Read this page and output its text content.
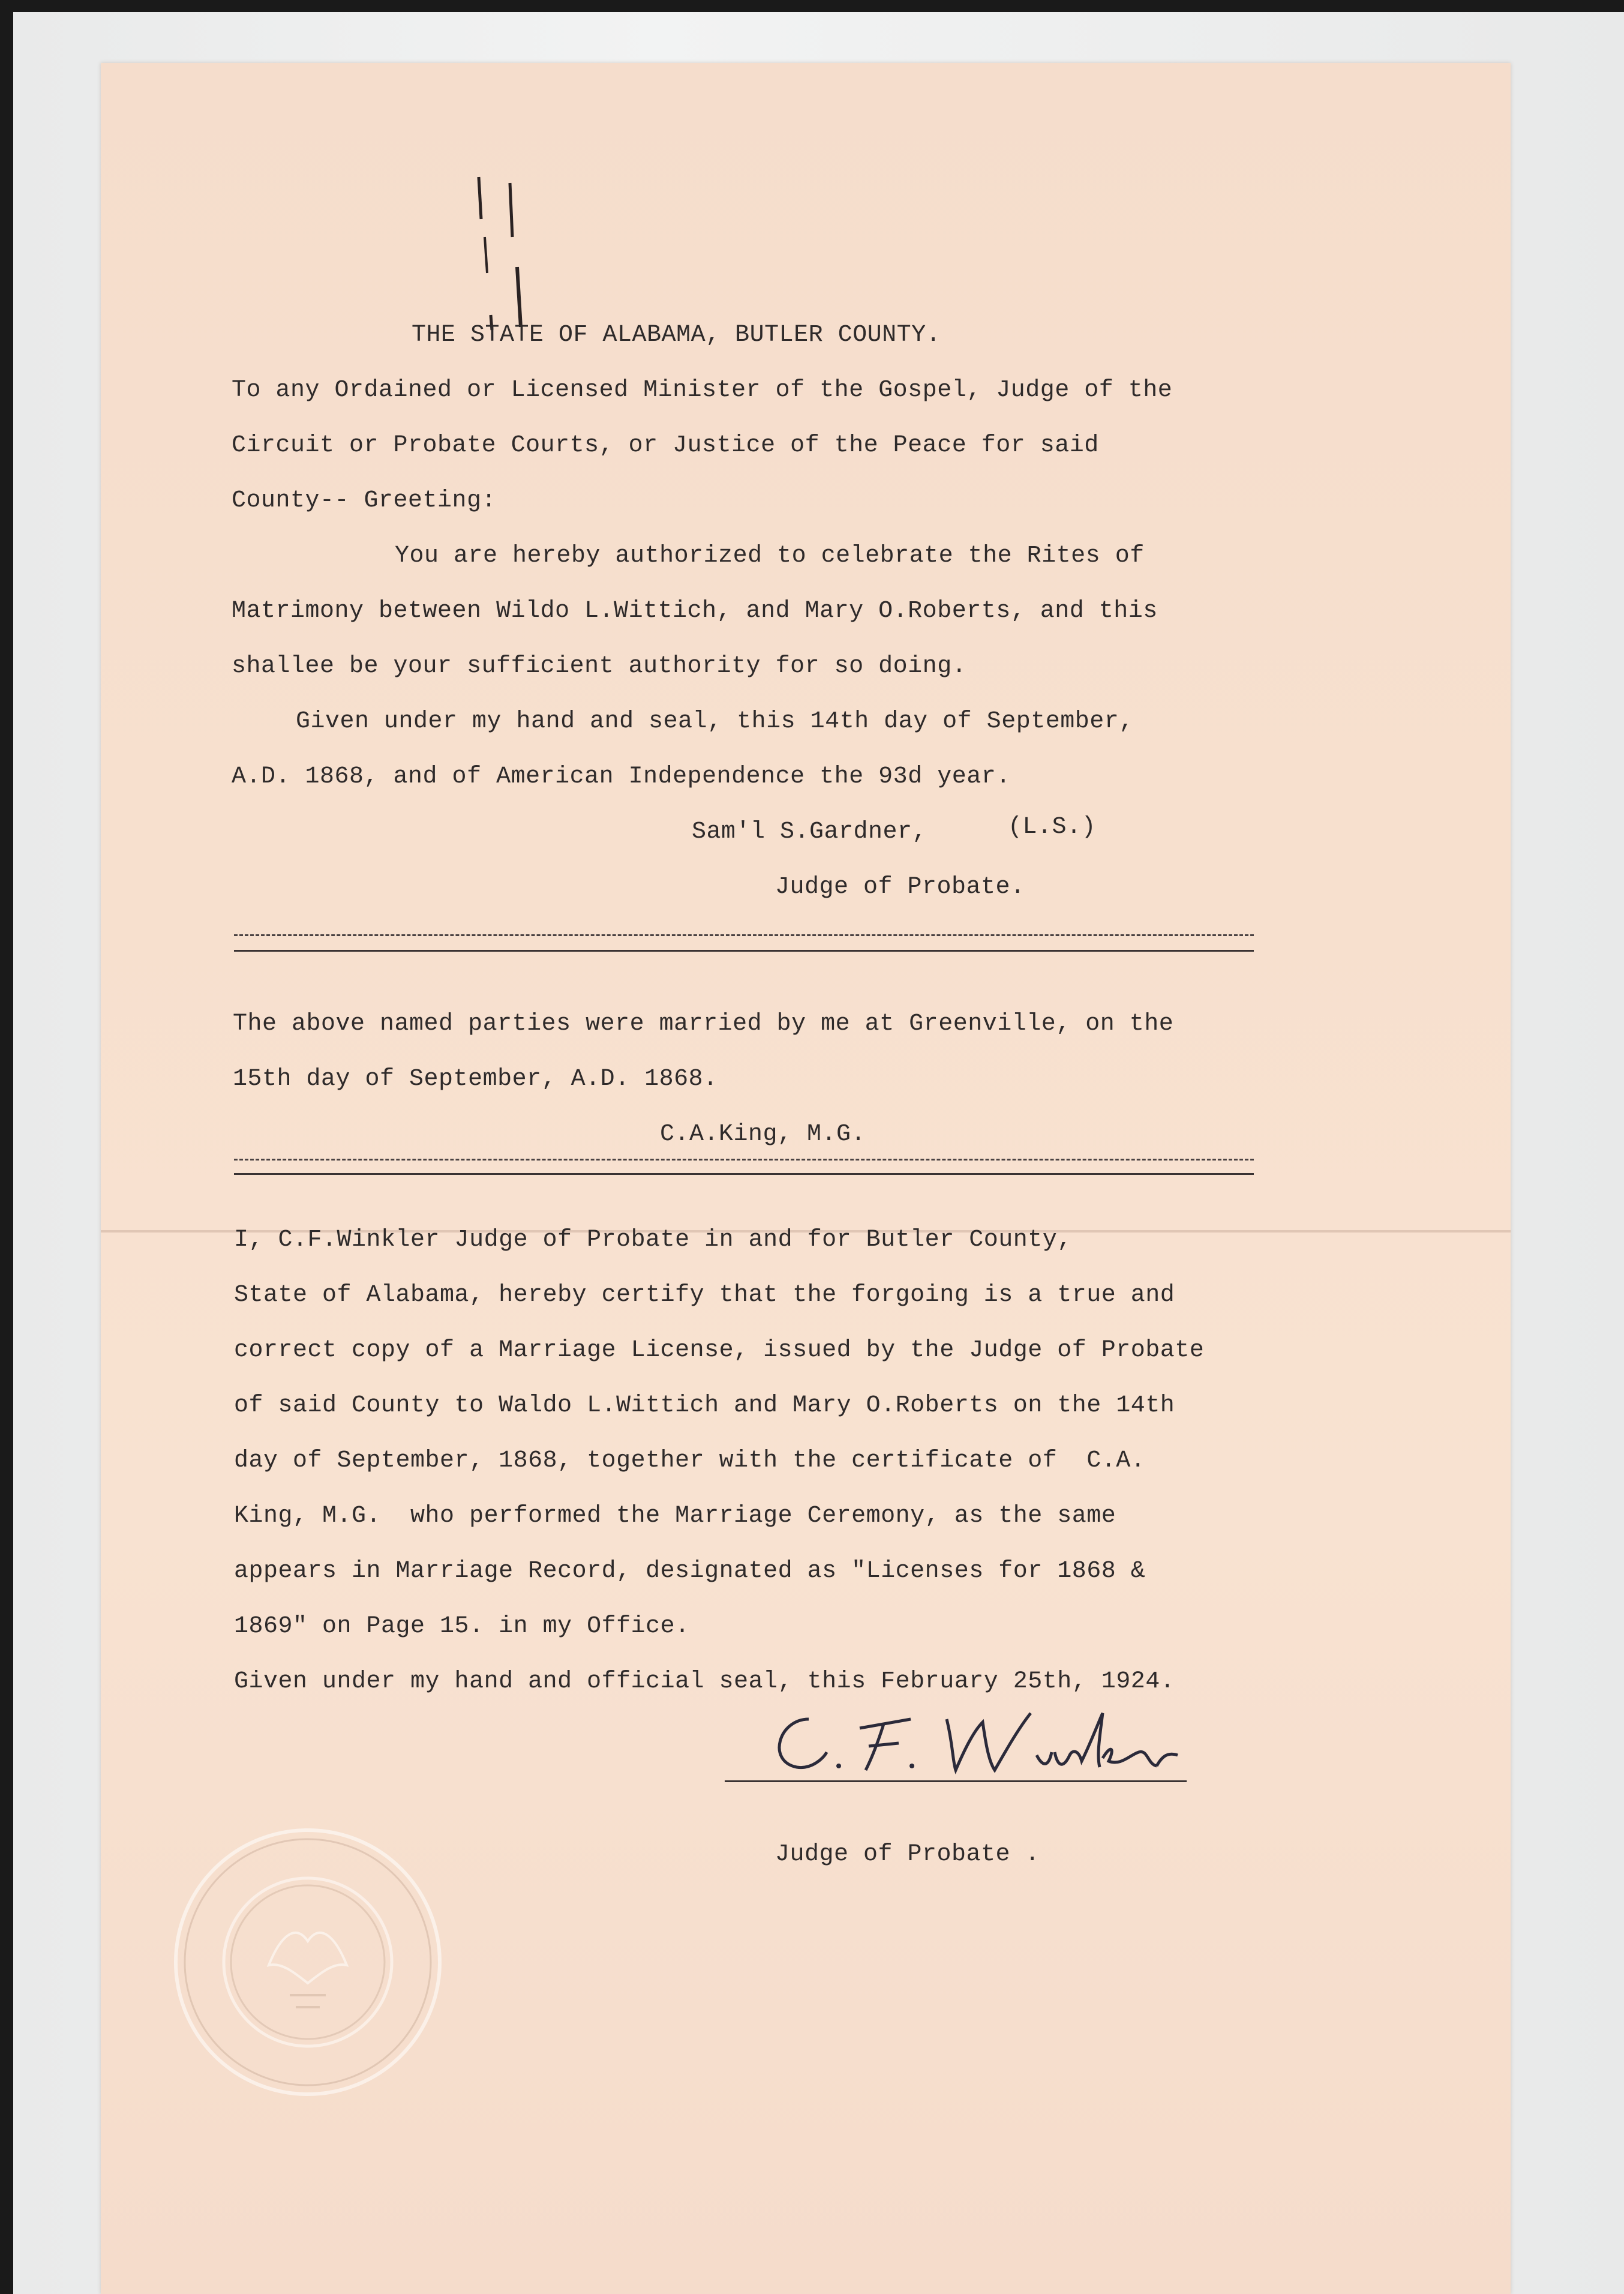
THE STATE OF ALABAMA, BUTLER COUNTY.
To any Ordained or Licensed Minister of the Gospel, Judge of the
Circuit or Probate Courts, or Justice of the Peace for said
County-- Greeting:
You are hereby authorized to celebrate the Rites of
Matrimony between Wildo L.Wittich, and Mary O.Roberts, and this
shallee be your sufficient authority for so doing.
Given under my hand and seal, this 14th day of September,
A.D. 1868, and of American Independence the 93d year.
Sam'l S.Gardner,	(L.S.)
Judge of Probate.
The above named parties were married by me at Greenville, on the
15th day of September, A.D. 1868.
C.A.King, M.G.
I, C.F.Winkler Judge of Probate in and for Butler County,
State of Alabama, hereby certify that the forgoing is a true and
correct copy of a Marriage License, issued by the Judge of Probate
of said County to Waldo L.Wittich and Mary O.Roberts on the 14th
day of September, 1868, together with the certificate of  C.A.
King, M.G.  who performed the Marriage Ceremony, as the same
appears in Marriage Record, designated as "Licenses for 1868 &
1869" on Page 15. in my Office.
Given under my hand and official seal, this February 25th, 1924.
Judge of Probate .
